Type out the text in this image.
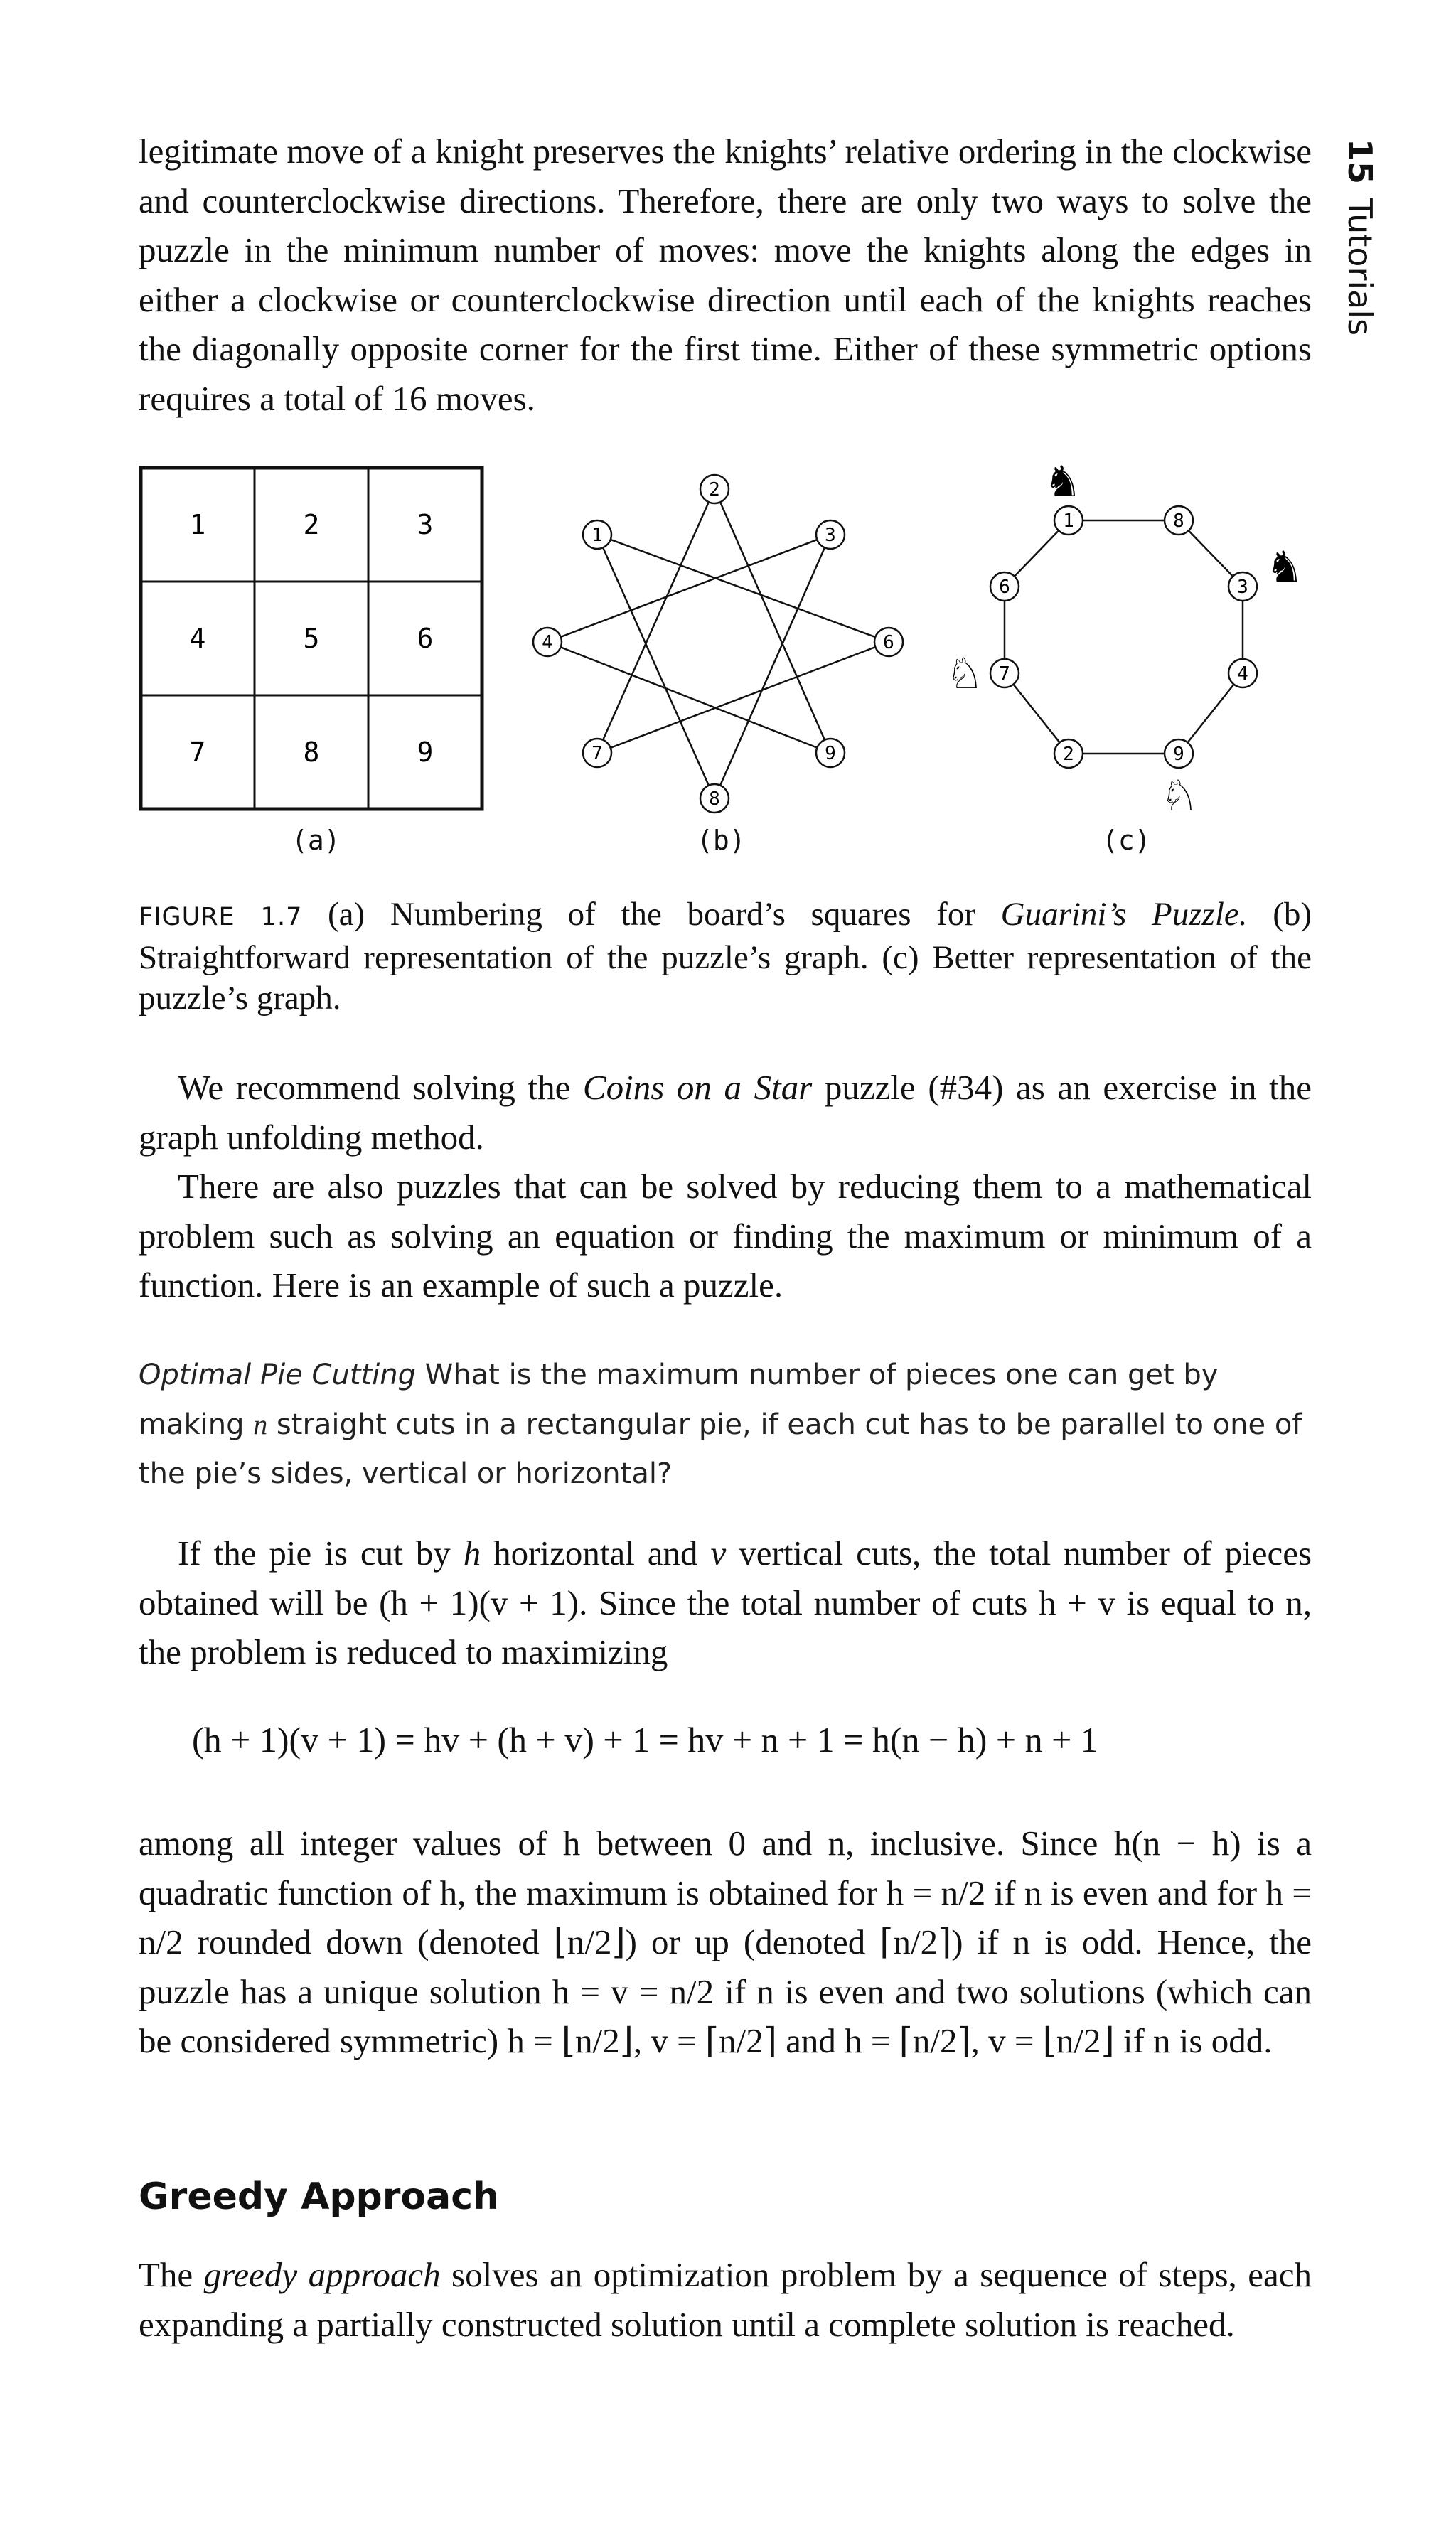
15Tutorials

legitimate move of a knight preserves the knights’ relative ordering in the clockwise and counterclockwise directions. Therefore, there are only two ways to solve the puzzle in the minimum number of moves: move the knights along the edges in either a clockwise or counterclockwise direction until each of the knights reaches the diagonally opposite corner for the first time. Either of these symmetric options requires a total of 16 moves.

1	2	3
4	5	6
7	8	9
1
2
3
4	6
7
8
9
1	8
3
4
9
2
7
6
♞
♞
♘
♘
(a)	(b)	(c)

FIGURE 1.7 (a) Numbering of the board’s squares for Guarini’s Puzzle. (b) Straightforward representation of the puzzle’s graph. (c) Better representation of the puzzle’s graph.

We recommend solving the Coins on a Star puzzle (#34) as an exercise in the graph unfolding method.

There are also puzzles that can be solved by reducing them to a mathematical problem such as solving an equation or finding the maximum or minimum of a function. Here is an example of such a puzzle.

Optimal Pie Cutting What is the maximum number of pieces one can get by making n straight cuts in a rectangular pie, if each cut has to be parallel to one of the pie’s sides, vertical or horizontal?

If the pie is cut by h horizontal and v vertical cuts, the total number of pieces obtained will be (h + 1)(v + 1). Since the total number of cuts h + v is equal to n, the problem is reduced to maximizing

(h + 1)(v + 1) = hv + (h + v) + 1 = hv + n + 1 = h(n − h) + n + 1

among all integer values of h between 0 and n, inclusive. Since h(n − h) is a quadratic function of h, the maximum is obtained for h = n/2 if n is even and for h = n/2 rounded down (denoted ⌊n/2⌋) or up (denoted ⌈n/2⌉) if n is odd. Hence, the puzzle has a unique solution h = v = n/2 if n is even and two solutions (which can be considered symmetric) h = ⌊n/2⌋, v = ⌈n/2⌉ and h = ⌈n/2⌉, v = ⌊n/2⌋ if n is odd.

Greedy Approach

The greedy approach solves an optimization problem by a sequence of steps, each expanding a partially constructed solution until a complete solution is reached.
